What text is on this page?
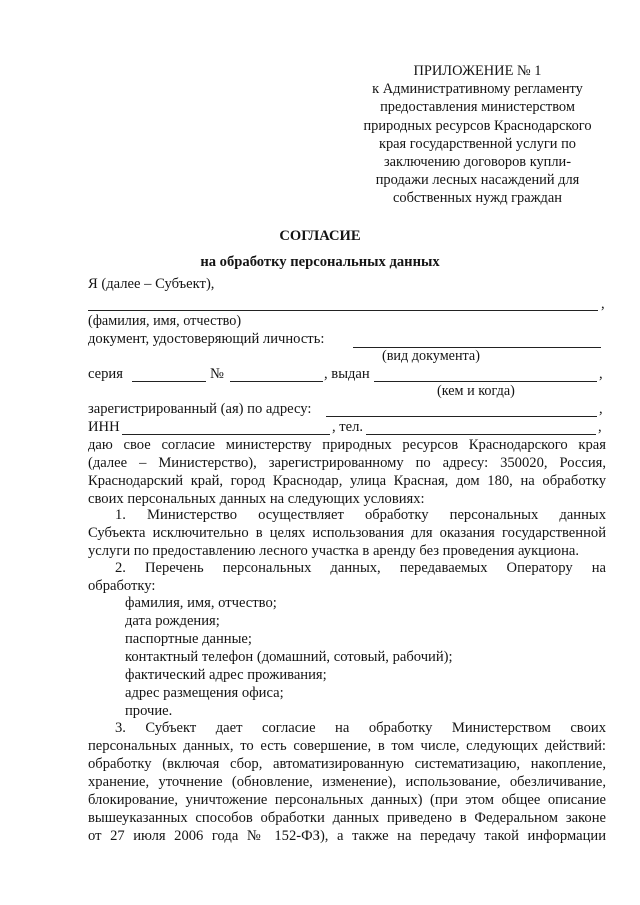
ПРИЛОЖЕНИЕ № 1
к Административному регламенту
предоставления министерством
природных ресурсов Краснодарского
края государственной услуги по
заключению договоров купли-
продажи лесных насаждений для
собственных нужд граждан
СОГЛАСИЕ
на обработку персональных данных
Я (далее – Субъект),
,
(фамилия, имя, отчество)
документ, удостоверяющий личность:
(вид документа)
серия	№	, выдан	,
(кем и когда)
зарегистрированный (ая) по адресу:	,
ИНН	, тел.	,
даю свое согласие министерству природных ресурсов Краснодарского края
(далее – Министерство), зарегистрированному по адресу: 350020, Россия,
Краснодарский край, город Краснодар, улица Красная, дом 180, на обработку
своих персональных данных на следующих условиях:
1. Министерство осуществляет обработку персональных данных
Субъекта исключительно в целях использования для оказания государственной
услуги по предоставлению лесного участка в аренду без проведения аукциона.
2. Перечень персональных данных, передаваемых Оператору на
обработку:
фамилия, имя, отчество;
дата рождения;
паспортные данные;
контактный телефон (домашний, сотовый, рабочий);
фактический адрес проживания;
адрес размещения офиса;
прочие.
3. Субъект дает согласие на обработку Министерством своих
персональных данных, то есть совершение, в том числе, следующих действий:
обработку (включая сбор, автоматизированную систематизацию, накопление,
хранение, уточнение (обновление, изменение), использование, обезличивание,
блокирование, уничтожение персональных данных) (при этом общее описание
вышеуказанных способов обработки данных приведено в Федеральном законе
от 27 июля 2006 года № 152-ФЗ), а также на передачу такой информации
